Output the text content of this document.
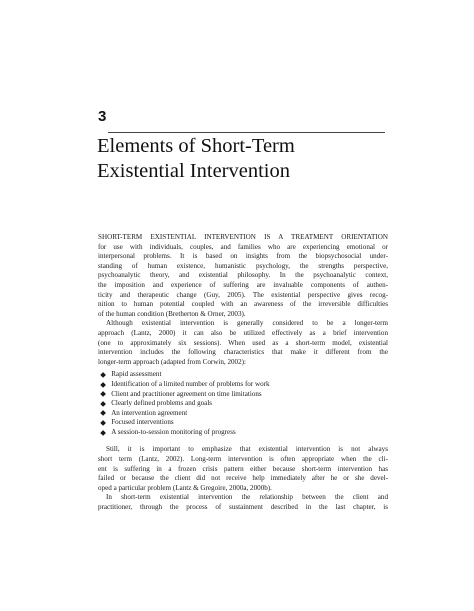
3
Elements of Short-Term
Existential Intervention

SHORT-TERM EXISTENTIAL INTERVENTION IS A TREATMENT ORIENTATION
for use with individuals, couples, and families who are experiencing emotional or
interpersonal problems. It is based on insights from the biopsychosocial under-
standing of human existence, humanistic psychology, the strengths perspective,
psychoanalytic theory, and existential philosophy. In the psychoanalytic context,
the imposition and experience of suffering are invaluable components of authen-
ticity and therapeutic change (Guy, 2005). The existential perspective gives recog-
nition to human potential coupled with an awareness of the irreversible difficulties
of the human condition (Bretherton & Orner, 2003).

Although existential intervention is generally considered to be a longer-term
approach (Lantz, 2000) it can also be utilized effectively as a brief intervention
(one to approximately six sessions). When used as a short-term model, existential
intervention includes the following characteristics that make it different from the
longer-term approach (adapted from Corwin, 2002):

Rapid assessment
Identification of a limited number of problems for work
Client and practitioner agreement on time limitations
Clearly defined problems and goals
An intervention agreement
Focused interventions
A session-to-session monitoring of progress

Still, it is important to emphasize that existential intervention is not always
short term (Lantz, 2002). Long-term intervention is often appropriate when the cli-
ent is suffering in a frozen crisis pattern either because short-term intervention has
failed or because the client did not receive help immediately after he or she devel-
oped a particular problem (Lantz & Gregoire, 2000a, 2000b).

In short-term existential intervention the relationship between the client and
practitioner, through the process of sustainment described in the last chapter, is
